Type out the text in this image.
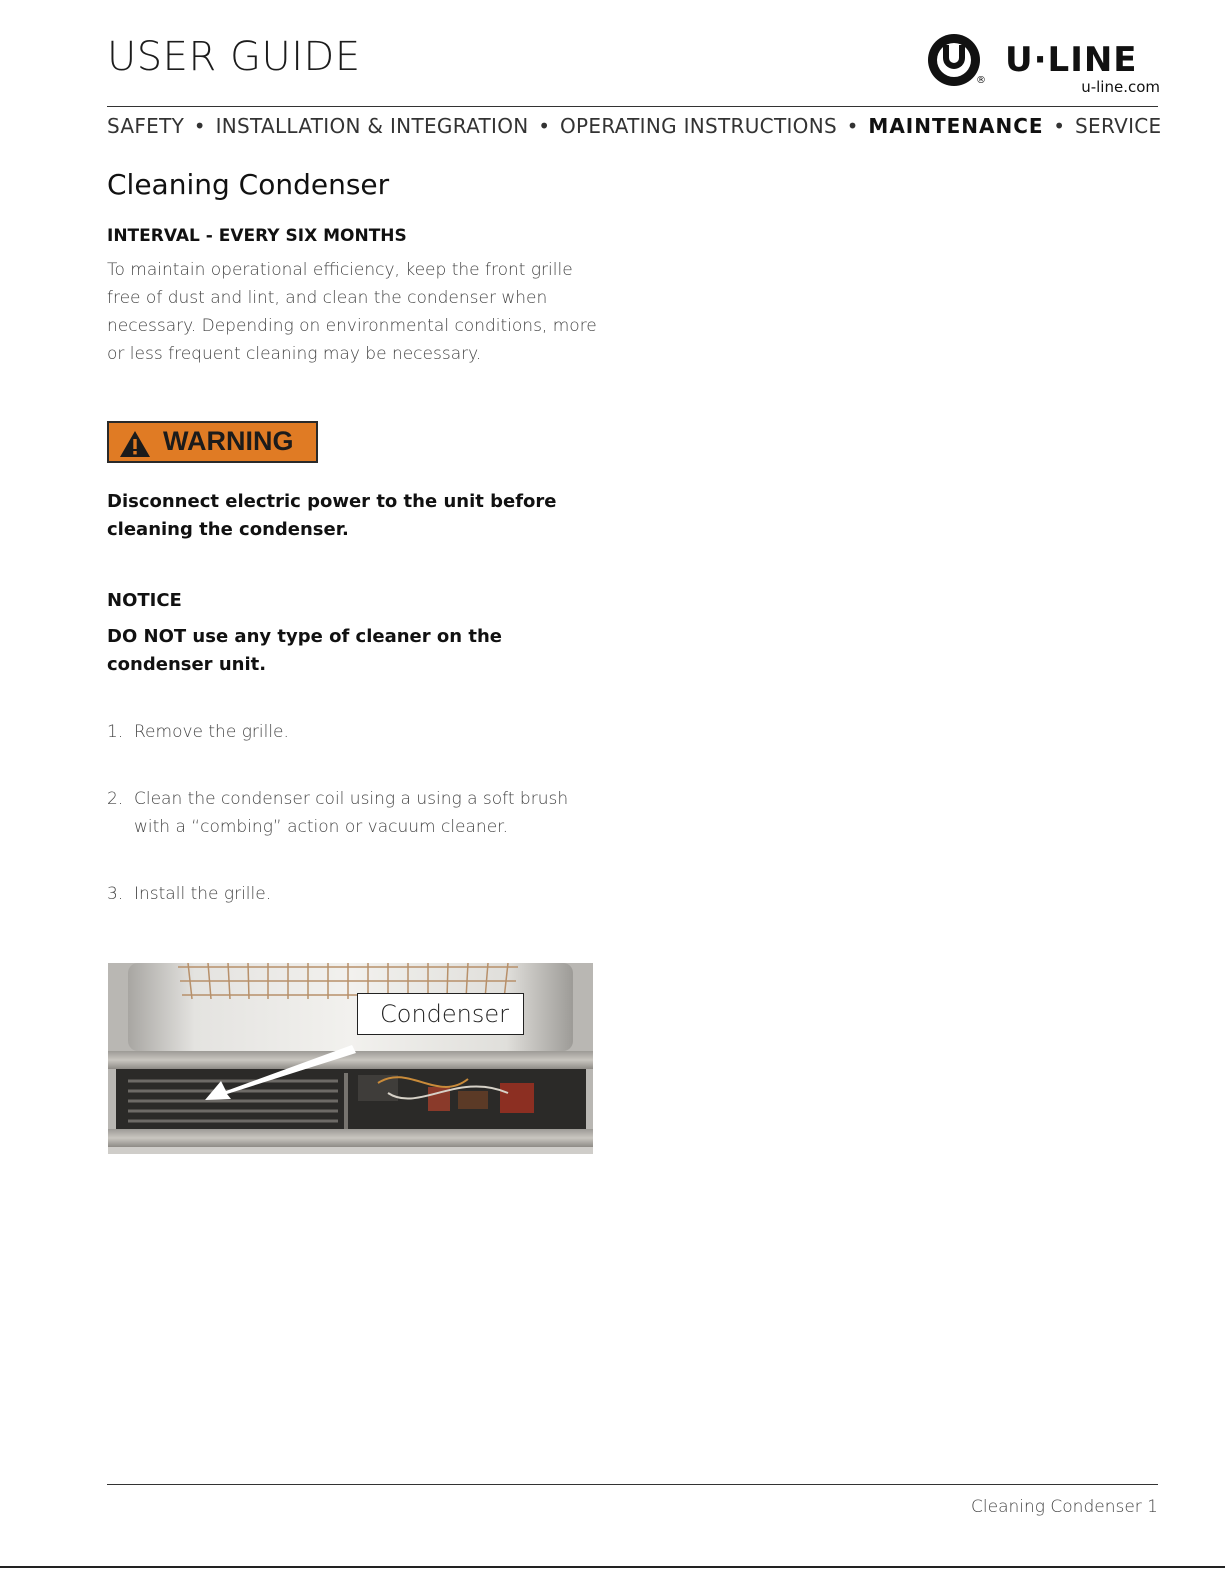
USER GUIDE
®
U·LINE
u-line.com
SAFETY • INSTALLATION & INTEGRATION • OPERATING INSTRUCTIONS • MAINTENANCE • SERVICE
Cleaning Condenser
INTERVAL - EVERY SIX MONTHS
To maintain operational efficiency, keep the front grille
free of dust and lint, and clean the condenser when
necessary. Depending on environmental conditions, more
or less frequent cleaning may be necessary.
WARNING
Disconnect electric power to the unit before
cleaning the condenser.
NOTICE
DO NOT use any type of cleaner on the
condenser unit.
1. Remove the grille.
2. Clean the condenser coil using a using a soft brush
with a “combing” action or vacuum cleaner.
3. Install the grille.
Condenser
Cleaning Condenser 1
